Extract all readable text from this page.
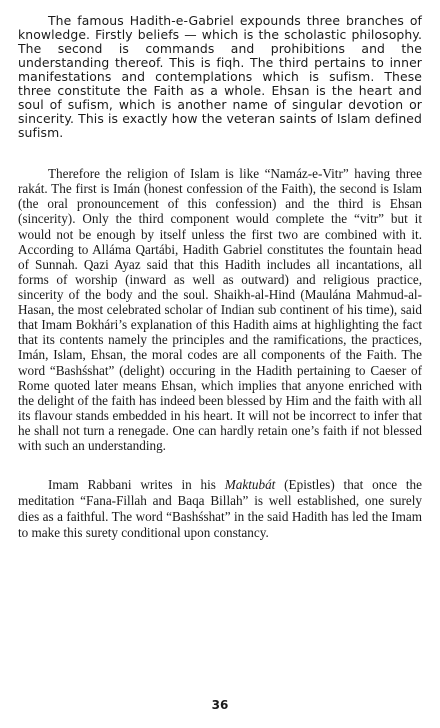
The famous Hadith-e-Gabriel expounds three branches of knowledge. Firstly beliefs — which is the scholastic philosophy. The second is commands and prohibitions and the understanding thereof. This is fiqh. The third pertains to inner manifestations and contemplations which is sufism. These three constitute the Faith as a whole. Ehsan is the heart and soul of sufism, which is another name of singular devotion or sincerity. This is exactly how the veteran saints of Islam defined sufism.

Therefore the religion of Islam is like “Namáz-e-Vitr” having three rakát. The first is Imán (honest confession of the Faith), the second is Islam (the oral pronouncement of this confession) and the third is Ehsan (sincerity). Only the third component would complete the “vitr” but it would not be enough by itself unless the first two are combined with it. According to Alláma Qartábi, Hadith Gabriel constitutes the fountain head of Sunnah. Qazi Ayaz said that this Hadith includes all incantations, all forms of worship (inward as well as outward) and religious practice, sincerity of the body and the soul. Shaikh-al-Hind (Maulána Mahmud-al-Hasan, the most celebrated scholar of Indian sub continent of his time), said that Imam Bokhári’s explanation of this Hadith aims at highlighting the fact that its contents namely the principles and the ramifications, the practices, Imán, Islam, Ehsan, the moral codes are all components of the Faith. The word “Bashśshat” (delight) occuring in the Hadith pertaining to Caeser of Rome quoted later means Ehsan, which implies that anyone enriched with the delight of the faith has indeed been blessed by Him and the faith with all its flavour stands embedded in his heart. It will not be incorrect to infer that he shall not turn a renegade. One can hardly retain one’s faith if not blessed with such an understanding.

Imam Rabbani writes in his Maktubát (Epistles) that once the meditation “Fana-Fillah and Baqa Billah” is well established, one surely dies as a faithful. The word “Bashśshat” in the said Hadith has led the Imam to make this surety conditional upon constancy.

36
